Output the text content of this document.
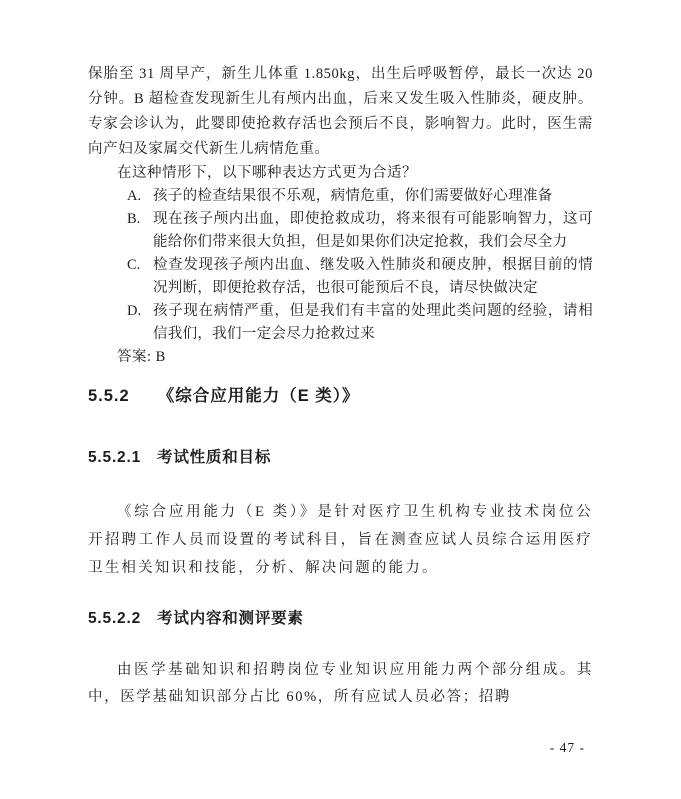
保胎至 31 周早产，新生儿体重 1.850kg，出生后呼吸暂停，最长一次达 20 分钟。B 超检查发现新生儿有颅内出血，后来又发生吸入性肺炎，硬皮肿。专家会诊认为，此婴即使抢救存活也会预后不良，影响智力。此时，医生需向产妇及家属交代新生儿病情危重。

在这种情形下，以下哪种表达方式更为合适？

A. 孩子的检查结果很不乐观，病情危重，你们需要做好心理准备
B. 现在孩子颅内出血，即使抢救成功，将来很有可能影响智力，这可能给你们带来很大负担，但是如果你们决定抢救，我们会尽全力
C. 检查发现孩子颅内出血、继发吸入性肺炎和硬皮肿，根据目前的情况判断，即便抢救存活，也很可能预后不良，请尽快做决定
D. 孩子现在病情严重，但是我们有丰富的处理此类问题的经验，请相信我们，我们一定会尽力抢救过来

答案: B

5.5.2 《综合应用能力（E 类）》
5.5.2.1 考试性质和目标

《综合应用能力（E 类）》是针对医疗卫生机构专业技术岗位公开招聘工作人员而设置的考试科目，旨在测查应试人员综合运用医疗卫生相关知识和技能，分析、解决问题的能力。

5.5.2.2 考试内容和测评要素

由医学基础知识和招聘岗位专业知识应用能力两个部分组成。其中，医学基础知识部分占比 60%，所有应试人员必答；招聘

- 47 -
